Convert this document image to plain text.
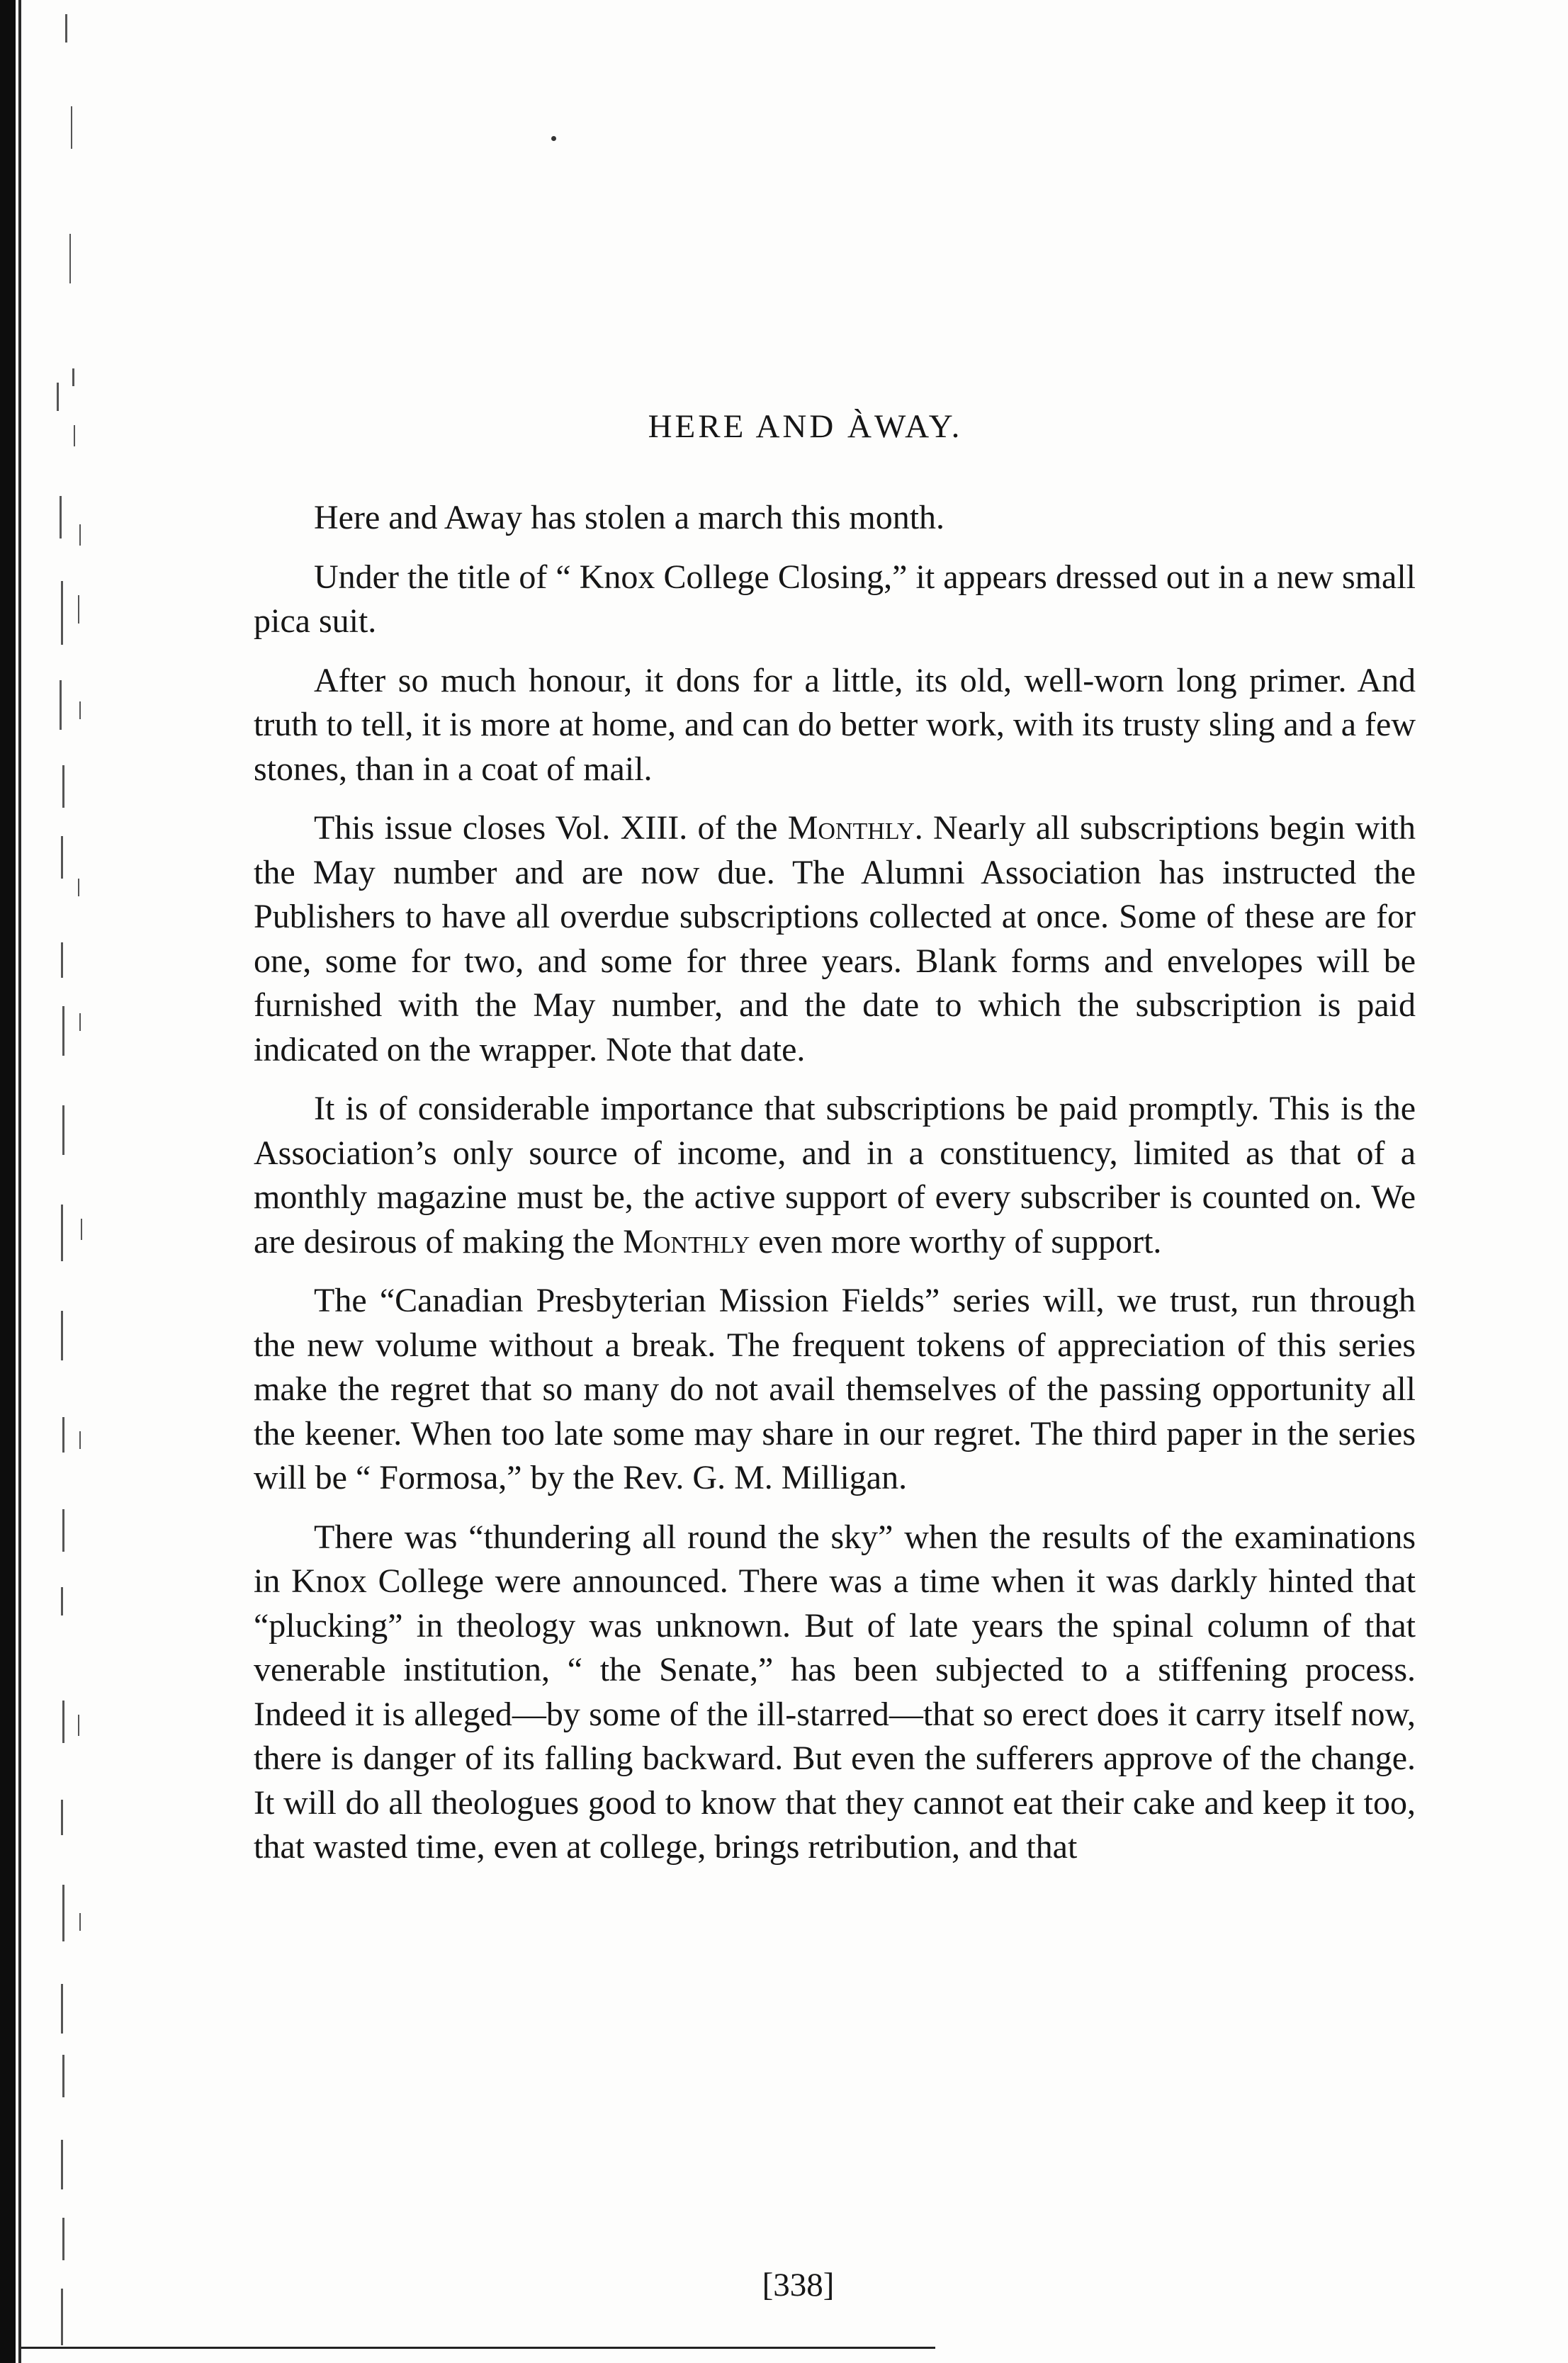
HERE AND ÀWAY.

Here and Away has stolen a march this month.

Under the title of “ Knox College Closing,” it appears dressed out in a new small pica suit.

After so much honour, it dons for a little, its old, well-worn long primer. And truth to tell, it is more at home, and can do better work, with its trusty sling and a few stones, than in a coat of mail.

This issue closes Vol. XIII. of the Monthly. Nearly all subscriptions begin with the May number and are now due. The Alumni Association has instructed the Publishers to have all overdue subscriptions collected at once. Some of these are for one, some for two, and some for three years. Blank forms and envelopes will be furnished with the May number, and the date to which the subscription is paid indicated on the wrapper. Note that date.

It is of considerable importance that subscriptions be paid promptly. This is the Association’s only source of income, and in a constituency, limited as that of a monthly magazine must be, the active support of every subscriber is counted on. We are desirous of making the Monthly even more worthy of support.

The “Canadian Presbyterian Mission Fields” series will, we trust, run through the new volume without a break. The frequent tokens of appreciation of this series make the regret that so many do not avail themselves of the passing opportunity all the keener. When too late some may share in our regret. The third paper in the series will be “ Formosa,” by the Rev. G. M. Milligan.

There was “thundering all round the sky” when the results of the examinations in Knox College were announced. There was a time when it was darkly hinted that “plucking” in theology was unknown. But of late years the spinal column of that venerable institution, “ the Senate,” has been subjected to a stiffening process. Indeed it is alleged—by some of the ill-starred—that so erect does it carry itself now, there is danger of its falling backward. But even the sufferers approve of the change. It will do all theologues good to know that they cannot eat their cake and keep it too, that wasted time, even at college, brings retribution, and that

[338]
